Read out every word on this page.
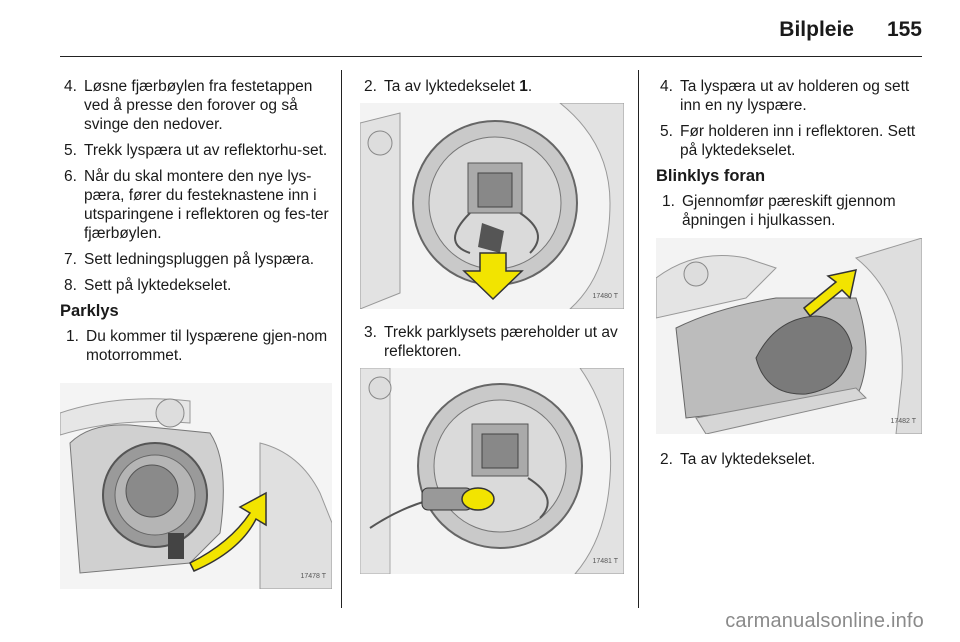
Bilpleie	155
4. Løsne fjærbøylen fra festetappen ved å presse den forover og så svinge den nedover.
5. Trekk lyspæra ut av reflektorhu-set.
6. Når du skal montere den nye lys-pæra, fører du festeknastene inn i utsparingene i reflektoren og fes-ter fjærbøylen.
7. Sett ledningspluggen på lyspæra.
8. Sett på lyktedekselet.
Parklys
1. Du kommer til lyspærene gjen-nom motorrommet.
17478 T
2. Ta av lyktedekselet 1.
17480 T
3. Trekk parklysets pæreholder ut av reflektoren.
17481 T
4. Ta lyspæra ut av holderen og sett inn en ny lyspære.
5. Før holderen inn i reflektoren. Sett på lyktedekselet.
Blinklys foran
1. Gjennomfør pæreskift gjennom åpningen i hjulkassen.
17482 T
2. Ta av lyktedekselet.
carmanualsonline.info
